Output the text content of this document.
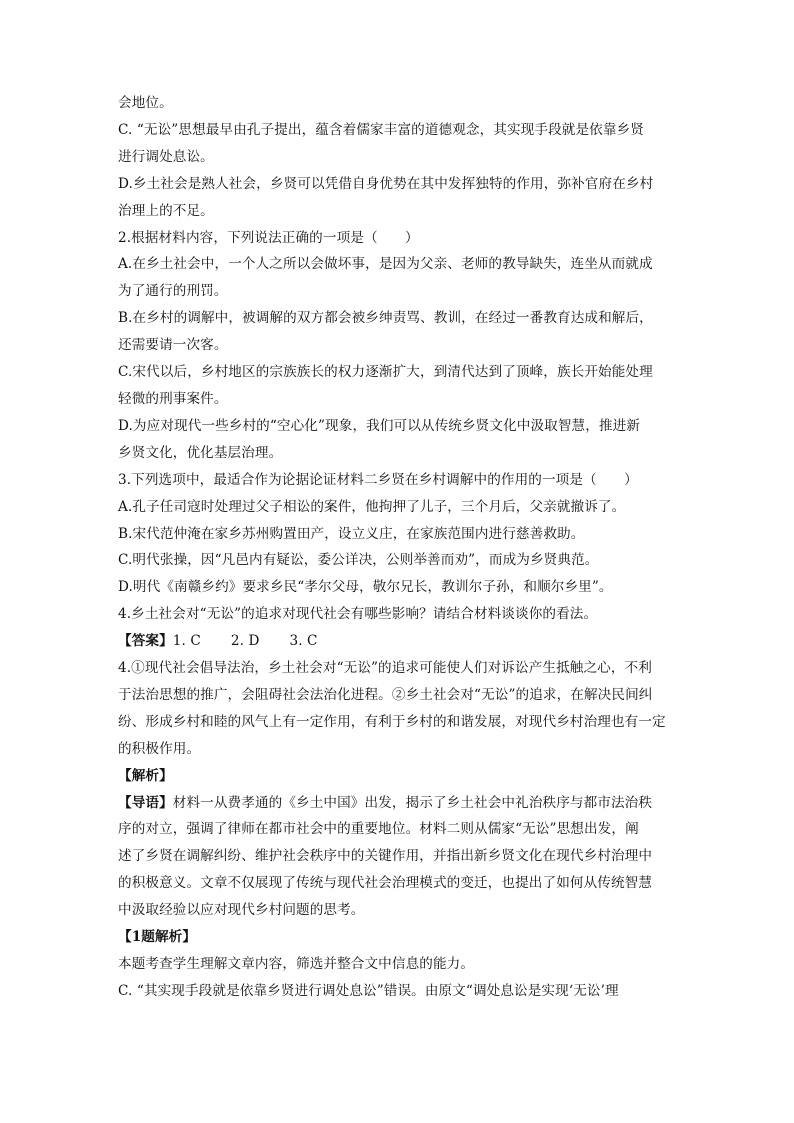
会地位。
C. “无讼”思想最早由孔子提出，蕴含着儒家丰富的道德观念，其实现手段就是依靠乡贤
进行调处息讼。
D.乡土社会是熟人社会，乡贤可以凭借自身优势在其中发挥独特的作用，弥补官府在乡村
治理上的不足。
2.根据材料内容，下列说法正确的一项是（　　）
A.在乡土社会中，一个人之所以会做坏事，是因为父亲、老师的教导缺失，连坐从而就成
为了通行的刑罚。
B.在乡村的调解中，被调解的双方都会被乡绅责骂、教训，在经过一番教育达成和解后，
还需要请一次客。
C.宋代以后，乡村地区的宗族族长的权力逐渐扩大，到清代达到了顶峰，族长开始能处理
轻微的刑事案件。
D.为应对现代一些乡村的“空心化”现象，我们可以从传统乡贤文化中汲取智慧，推进新
乡贤文化，优化基层治理。
3.下列选项中，最适合作为论据论证材料二乡贤在乡村调解中的作用的一项是（　　）
A.孔子任司寇时处理过父子相讼的案件，他拘押了儿子，三个月后，父亲就撤诉了。
B.宋代范仲淹在家乡苏州购置田产，设立义庄，在家族范围内进行慈善救助。
C.明代张操，因“凡邑内有疑讼，委公详决，公则举善而劝”，而成为乡贤典范。
D.明代《南赣乡约》要求乡民“孝尔父母，敬尔兄长，教训尔子孙，和顺尔乡里”。
4.乡土社会对“无讼”的追求对现代社会有哪些影响？请结合材料谈谈你的看法。
【答案】1. C 2. D 3. C
4.①现代社会倡导法治，乡土社会对“无讼”的追求可能使人们对诉讼产生抵触之心，不利
于法治思想的推广，会阻碍社会法治化进程。②乡土社会对“无讼”的追求，在解决民间纠
纷、形成乡村和睦的风气上有一定作用，有利于乡村的和谐发展，对现代乡村治理也有一定
的积极作用。
【解析】
【导语】材料一从费孝通的《乡土中国》出发，揭示了乡土社会中礼治秩序与都市法治秩
序的对立，强调了律师在都市社会中的重要地位。材料二则从儒家“无讼”思想出发，阐
述了乡贤在调解纠纷、维护社会秩序中的关键作用，并指出新乡贤文化在现代乡村治理中
的积极意义。文章不仅展现了传统与现代社会治理模式的变迁，也提出了如何从传统智慧
中汲取经验以应对现代乡村问题的思考。
【1题解析】
本题考查学生理解文章内容，筛选并整合文中信息的能力。
C. “其实现手段就是依靠乡贤进行调处息讼”错误。由原文“调处息讼是实现‘无讼’理
